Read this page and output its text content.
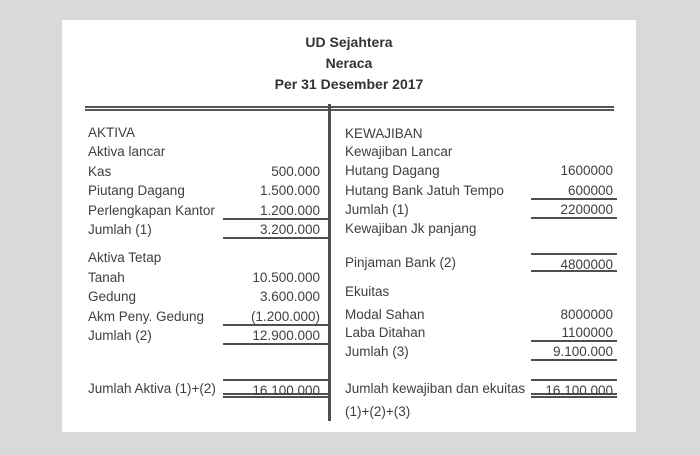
UD Sejahtera
Neraca
Per 31 Desember 2017
AKTIVA
Aktiva lancar
Kas	500.000
Piutang Dagang	1.500.000
Perlengkapan Kantor	1.200.000
Jumlah (1)	3.200.000
Aktiva Tetap
Tanah	10.500.000
Gedung	3.600.000
Akm Peny. Gedung	(1.200.000)
Jumlah (2)	12.900.000
Jumlah Aktiva (1)+(2)	16.100.000
KEWAJIBAN
Kewajiban Lancar
Hutang Dagang	1600000
Hutang Bank Jatuh Tempo	600000
Jumlah (1)	2200000
Kewajiban Jk panjang
Pinjaman Bank (2)	4800000
Ekuitas
Modal Sahan	8000000
Laba Ditahan	1100000
Jumlah (3)	9.100.000
Jumlah kewajiban dan ekuitas	16.100.000
(1)+(2)+(3)
